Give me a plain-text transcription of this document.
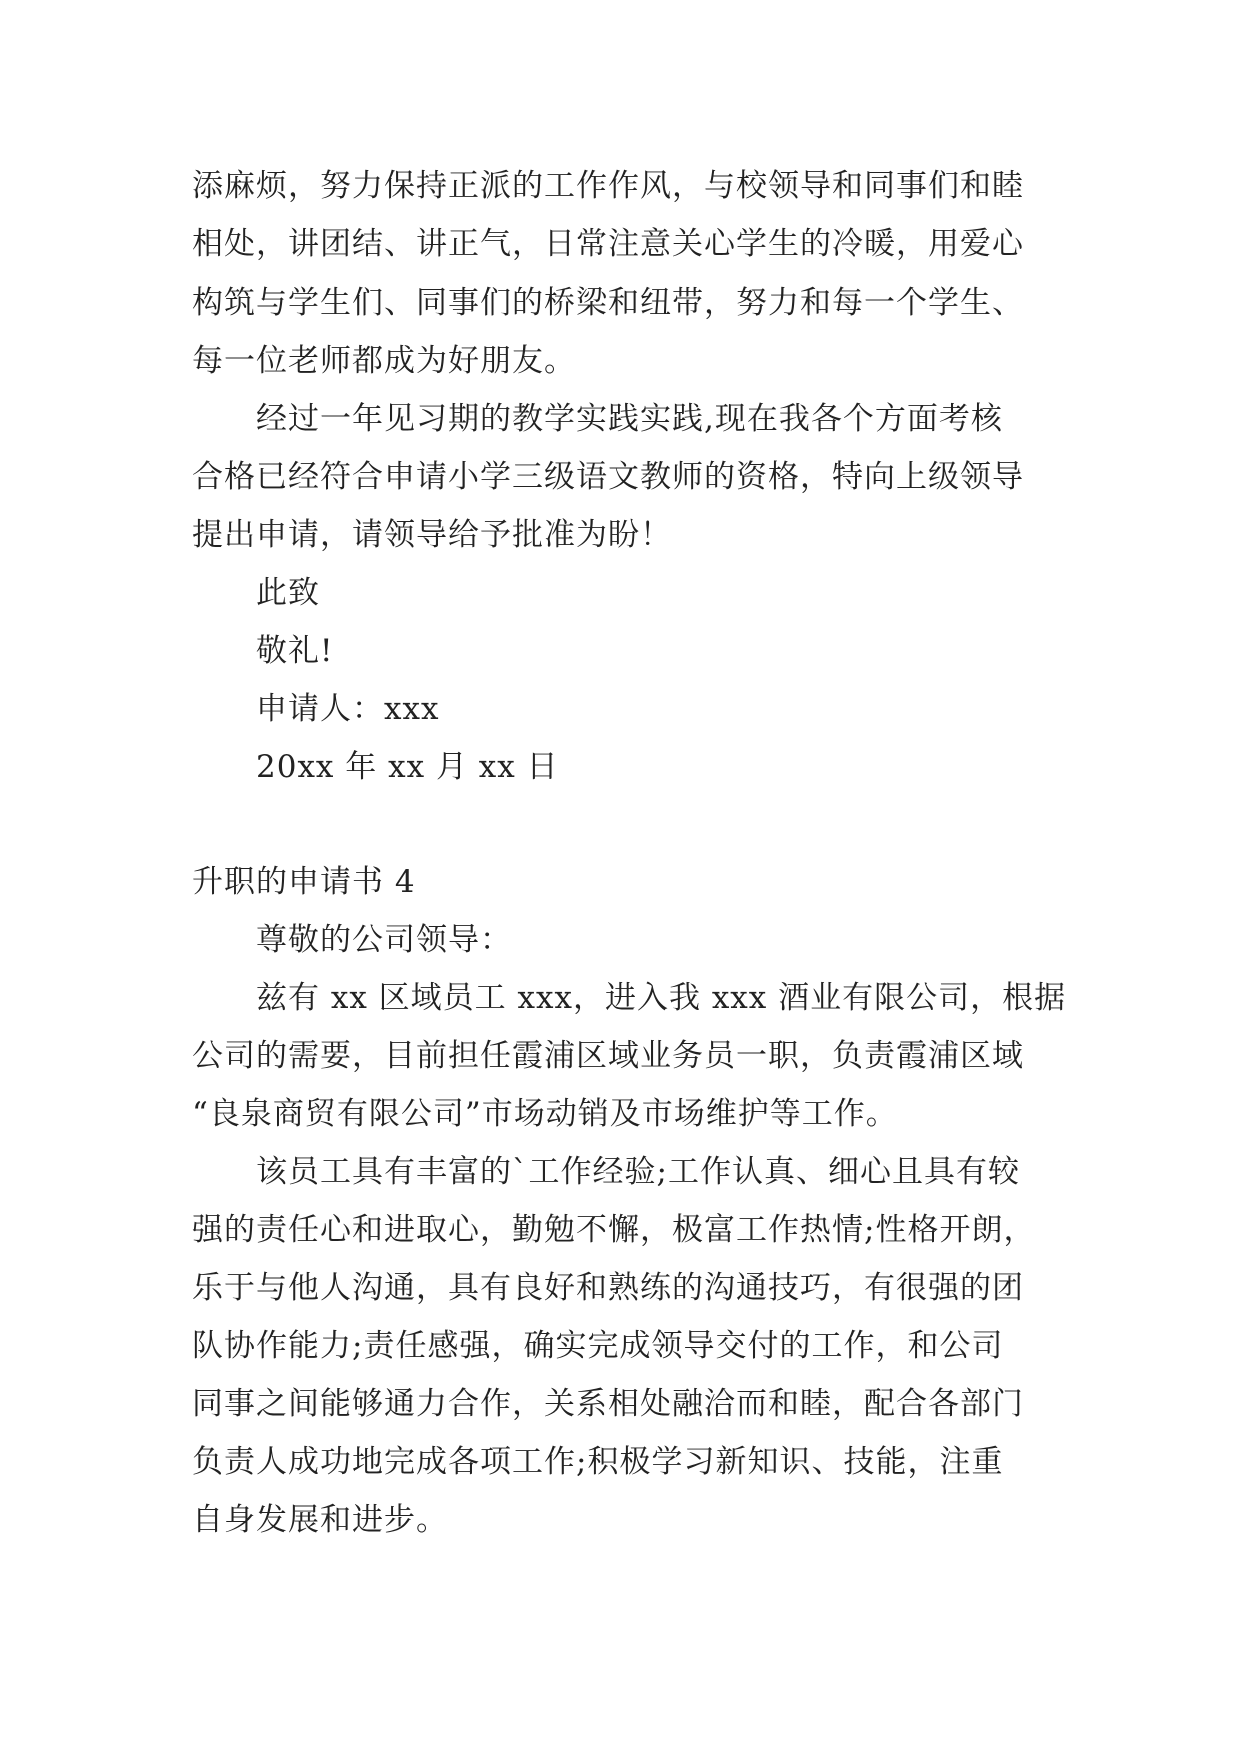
添麻烦，努力保持正派的工作作风，与校领导和同事们和睦
相处，讲团结、讲正气，日常注意关心学生的冷暖，用爱心
构筑与学生们、同事们的桥梁和纽带，努力和每一个学生、
每一位老师都成为好朋友。
经过一年见习期的教学实践实践,现在我各个方面考核
合格已经符合申请小学三级语文教师的资格，特向上级领导
提出申请，请领导给予批准为盼！
此致
敬礼!
申请人：xxx
20xx 年 xx 月 xx 日
升职的申请书 4
尊敬的公司领导：
兹有 xx 区域员工 xxx，进入我 xxx 酒业有限公司，根据
公司的需要，目前担任霞浦区域业务员一职，负责霞浦区域
“良泉商贸有限公司”市场动销及市场维护等工作。
该员工具有丰富的`工作经验;工作认真、细心且具有较
强的责任心和进取心，勤勉不懈，极富工作热情;性格开朗，
乐于与他人沟通，具有良好和熟练的沟通技巧，有很强的团
队协作能力;责任感强，确实完成领导交付的工作，和公司
同事之间能够通力合作，关系相处融洽而和睦，配合各部门
负责人成功地完成各项工作;积极学习新知识、技能，注重
自身发展和进步。
